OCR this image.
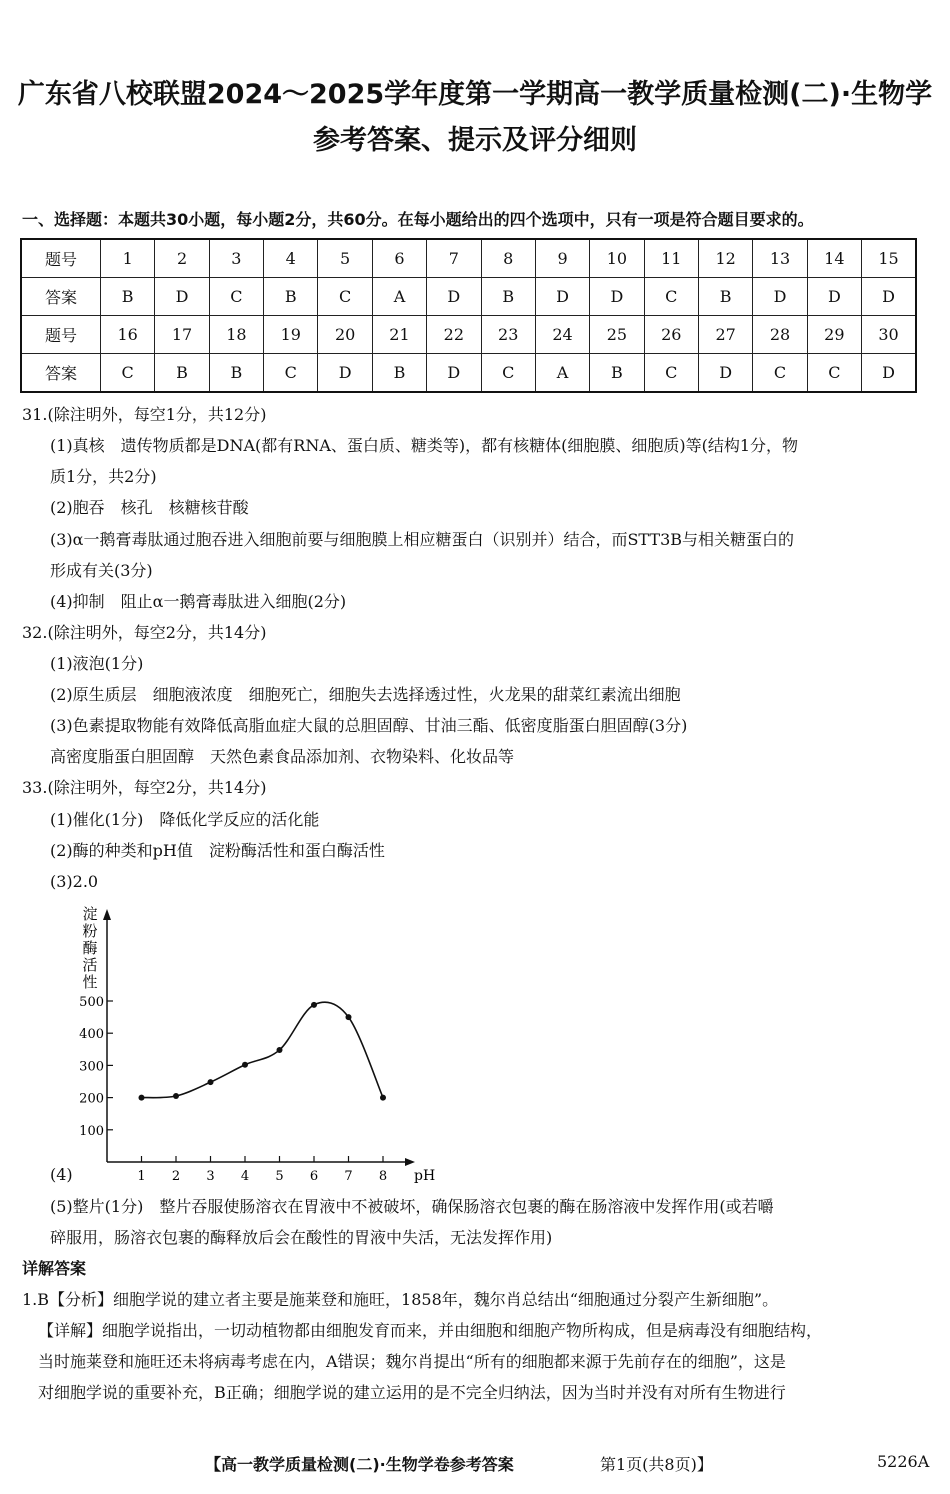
广东省八校联盟2024～2025学年度第一学期高一教学质量检测(二)·生物学
参考答案、提示及评分细则
一、选择题：本题共30小题，每小题2分，共60分。在每小题给出的四个选项中，只有一项是符合题目要求的。
题号	1	2	3	4	5	6	7	8	9	10	11	12	13	14	15
答案	B	D	C	B	C	A	D	B	D	D	C	B	D	D	D
题号	16	17	18	19	20	21	22	23	24	25	26	27	28	29	30
答案	C	B	B	C	D	B	D	C	A	B	C	D	C	C	D
31.(除注明外，每空1分，共12分)
(1)真核　遗传物质都是DNA(都有RNA、蛋白质、糖类等)，都有核糖体(细胞膜、细胞质)等(结构1分，物
质1分，共2分)
(2)胞吞　核孔　核糖核苷酸
(3)α一鹅膏毒肽通过胞吞进入细胞前要与细胞膜上相应糖蛋白（识别并）结合，而STT3B与相关糖蛋白的
形成有关(3分)
(4)抑制　阻止α一鹅膏毒肽进入细胞(2分)
32.(除注明外，每空2分，共14分)
(1)液泡(1分)
(2)原生质层　细胞液浓度　细胞死亡，细胞失去选择透过性，火龙果的甜菜红素流出细胞
(3)色素提取物能有效降低高脂血症大鼠的总胆固醇、甘油三酯、低密度脂蛋白胆固醇(3分)
高密度脂蛋白胆固醇　天然色素食品添加剂、衣物染料、化妆品等
33.(除注明外，每空2分，共14分)
(1)催化(1分)　降低化学反应的活化能
(2)酶的种类和pH值　淀粉酶活性和蛋白酶活性
(3)2.0
淀
粉
酶
活
性
100
200
300
400
500
1 2 3 4 5 6 7 8 pH
(4)
(5)整片(1分)　整片吞服使肠溶衣在胃液中不被破坏，确保肠溶衣包裹的酶在肠溶液中发挥作用(或若嚼
碎服用，肠溶衣包裹的酶释放后会在酸性的胃液中失活，无法发挥作用)
详解答案
1.B【分析】细胞学说的建立者主要是施莱登和施旺，1858年，魏尔肖总结出“细胞通过分裂产生新细胞”。
【详解】细胞学说指出，一切动植物都由细胞发育而来，并由细胞和细胞产物所构成，但是病毒没有细胞结构，
当时施莱登和施旺还未将病毒考虑在内，A错误；魏尔肖提出“所有的细胞都来源于先前存在的细胞”，这是
对细胞学说的重要补充，B正确；细胞学说的建立运用的是不完全归纳法，因为当时并没有对所有生物进行
【高一教学质量检测(二)·生物学卷参考答案	第1页(共8页)】	5226A
